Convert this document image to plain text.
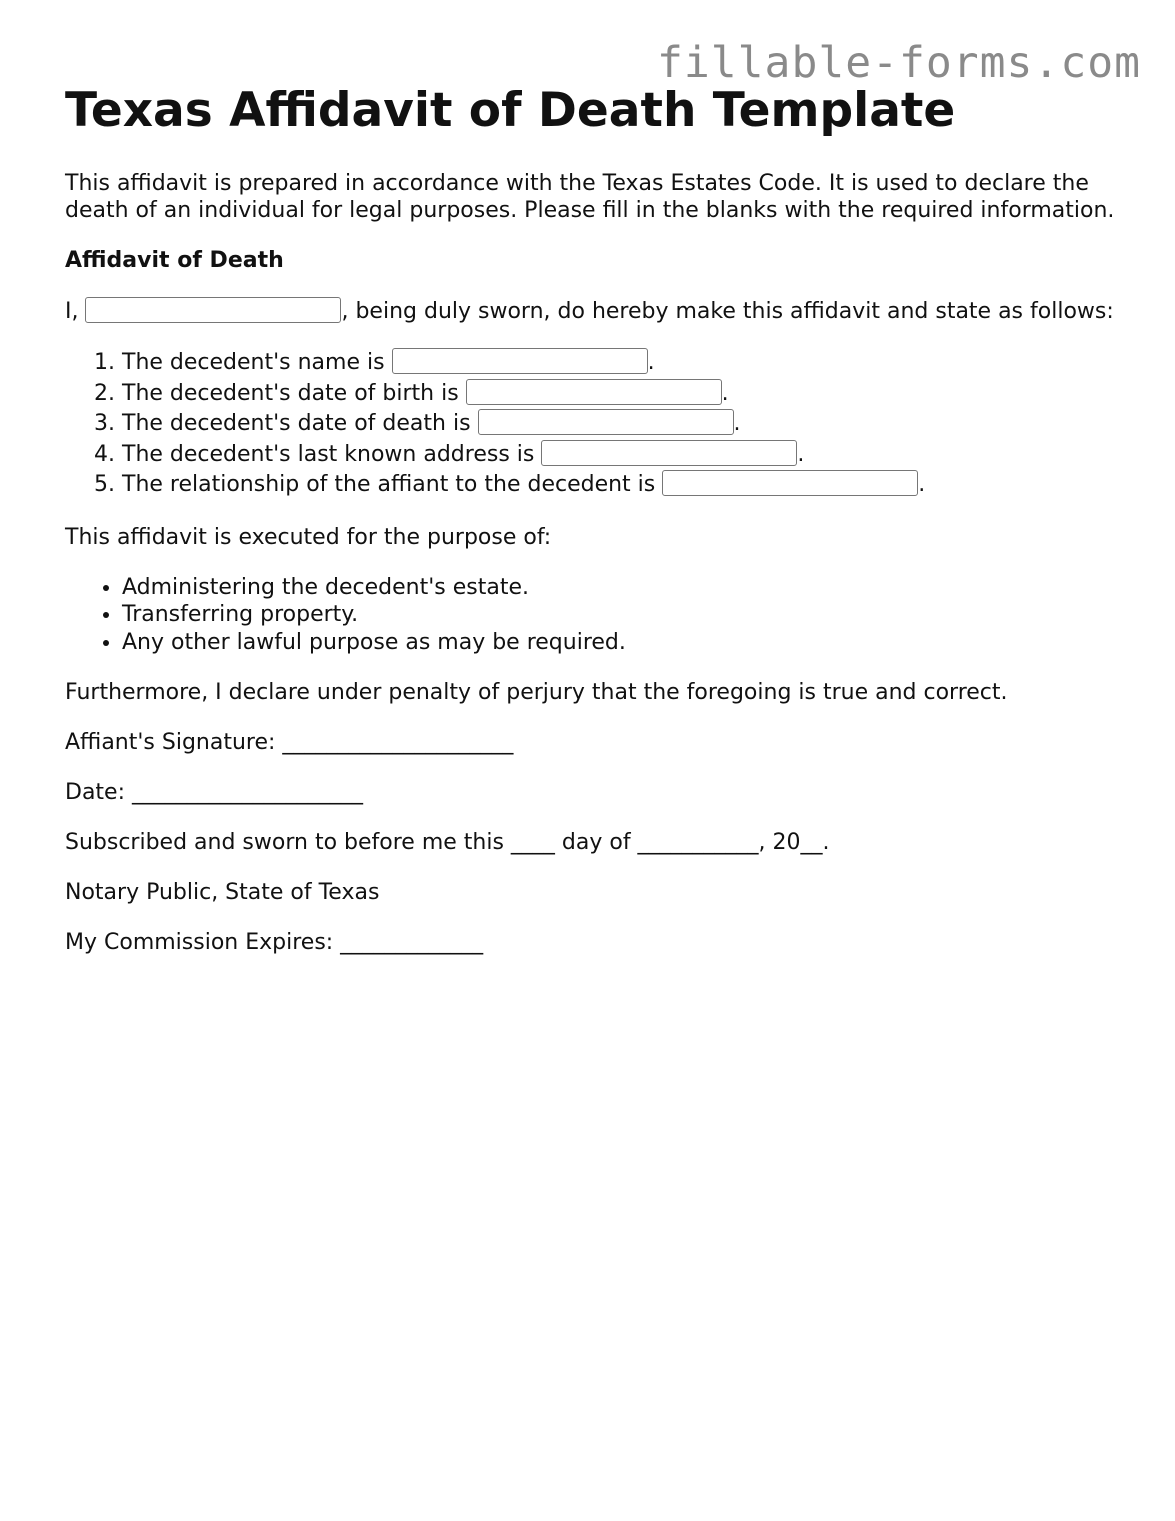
fillable-forms.com
Texas Affidavit of Death Template

This affidavit is prepared in accordance with the Texas Estates Code. It is used to declare the death of an individual for legal purposes. Please fill in the blanks with the required information.

Affidavit of Death

I,	, being duly sworn, do hereby make this affidavit and state as follows:

1. The decedent's name is	.
2. The decedent's date of birth is	.
3. The decedent's date of death is	.
4. The decedent's last known address is	.
5. The relationship of the affiant to the decedent is	.

This affidavit is executed for the purpose of:

• Administering the decedent's estate.
• Transferring property.
• Any other lawful purpose as may be required.

Furthermore, I declare under penalty of perjury that the foregoing is true and correct.

Affiant's Signature: _____________________

Date: _____________________

Subscribed and sworn to before me this ____ day of ___________, 20__.

Notary Public, State of Texas

My Commission Expires: _____________
